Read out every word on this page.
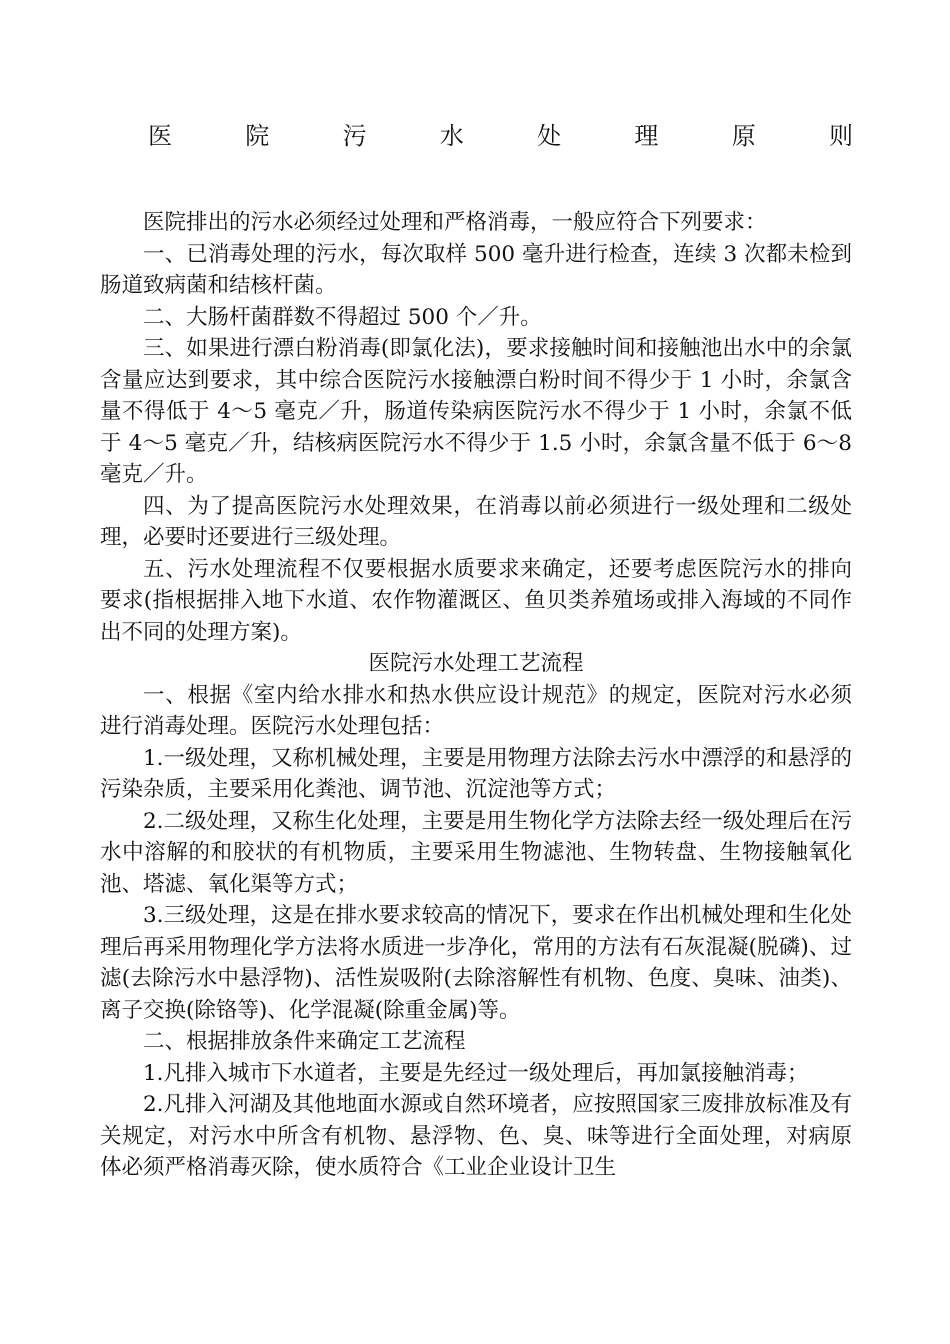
医	院	污	水	处	理	原	则

医院排出的污水必须经过处理和严格消毒，一般应符合下列要求：

一、已消毒处理的污水，每次取样 500 毫升进行检查，连续 3 次都未检到肠道致病菌和结核杆菌。

二、大肠杆菌群数不得超过 500 个／升。

三、如果进行漂白粉消毒(即氯化法)，要求接触时间和接触池出水中的余氯含量应达到要求，其中综合医院污水接触漂白粉时间不得少于 1 小时，余氯含量不得低于 4～5 毫克／升，肠道传染病医院污水不得少于 1 小时，余氯不低于 4～5 毫克／升，结核病医院污水不得少于 1.5 小时，余氯含量不低于 6～8 毫克／升。

四、为了提高医院污水处理效果，在消毒以前必须进行一级处理和二级处理，必要时还要进行三级处理。

五、污水处理流程不仅要根据水质要求来确定，还要考虑医院污水的排向要求(指根据排入地下水道、农作物灌溉区、鱼贝类养殖场或排入海域的不同作出不同的处理方案)。

医院污水处理工艺流程

一、根据《室内给水排水和热水供应设计规范》的规定，医院对污水必须进行消毒处理。医院污水处理包括：

1.一级处理，又称机械处理，主要是用物理方法除去污水中漂浮的和悬浮的污染杂质，主要采用化粪池、调节池、沉淀池等方式；

2.二级处理，又称生化处理，主要是用生物化学方法除去经一级处理后在污水中溶解的和胶状的有机物质，主要采用生物滤池、生物转盘、生物接触氧化池、塔滤、氧化渠等方式；

3.三级处理，这是在排水要求较高的情况下，要求在作出机械处理和生化处理后再采用物理化学方法将水质进一步净化，常用的方法有石灰混凝(脱磷)、过滤(去除污水中悬浮物)、活性炭吸附(去除溶解性有机物、色度、臭味、油类)、离子交换(除铬等)、化学混凝(除重金属)等。

二、根据排放条件来确定工艺流程

1.凡排入城市下水道者，主要是先经过一级处理后，再加氯接触消毒；

2.凡排入河湖及其他地面水源或自然环境者，应按照国家三废排放标准及有关规定，对污水中所含有机物、悬浮物、色、臭、味等进行全面处理，对病原体必须严格消毒灭除，使水质符合《工业企业设计卫生
